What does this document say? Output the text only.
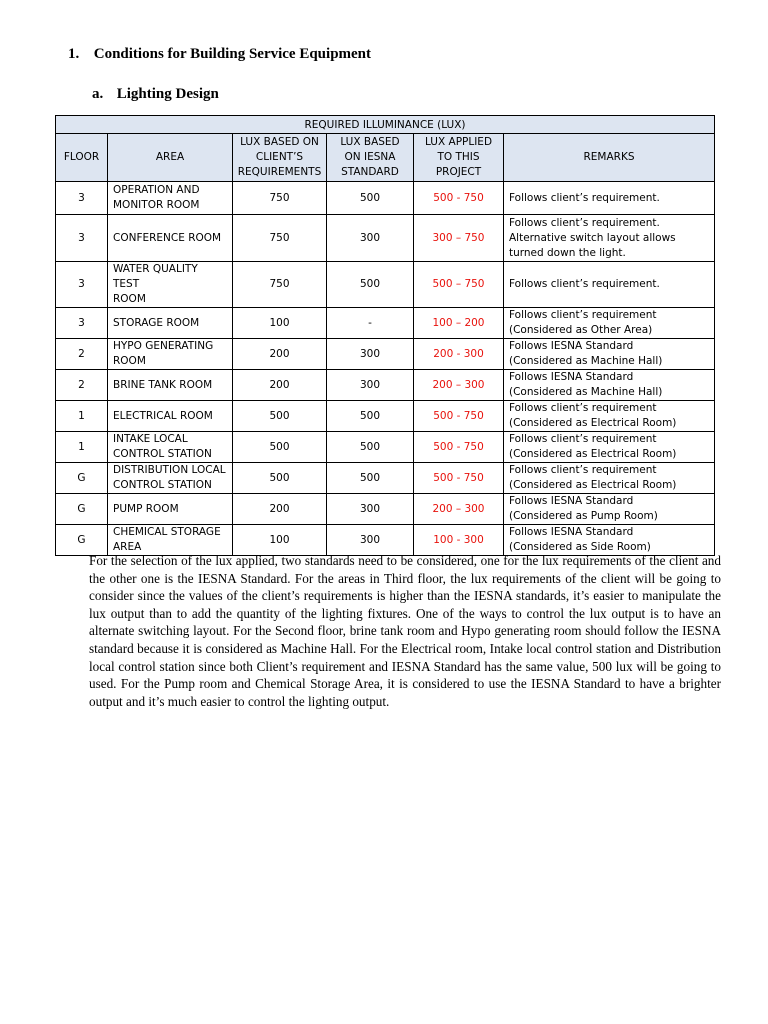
1. Conditions for Building Service Equipment
a. Lighting Design
REQUIRED ILLUMINANCE (LUX)					
FLOOR	AREA	LUX BASED ON
CLIENT’S
REQUIREMENTS	LUX BASED
ON IESNA
STANDARD	LUX APPLIED
TO THIS
PROJECT	REMARKS
3	OPERATION AND
MONITOR ROOM	750	500	500 - 750	Follows client’s requirement.
3	CONFERENCE ROOM	750	300	300 – 750	Follows client’s requirement.
Alternative switch layout allows
turned down the light.
3	WATER QUALITY TEST
ROOM	750	500	500 – 750	Follows client’s requirement.
3	STORAGE ROOM	100	-	100 – 200	Follows client’s requirement
(Considered as Other Area)
2	HYPO GENERATING
ROOM	200	300	200 - 300	Follows IESNA Standard
(Considered as Machine Hall)
2	BRINE TANK ROOM	200	300	200 – 300	Follows IESNA Standard
(Considered as Machine Hall)
1	ELECTRICAL ROOM	500	500	500 - 750	Follows client’s requirement
(Considered as Electrical Room)
1	INTAKE LOCAL
CONTROL STATION	500	500	500 - 750	Follows client’s requirement
(Considered as Electrical Room)
G	DISTRIBUTION LOCAL
CONTROL STATION	500	500	500 - 750	Follows client’s requirement
(Considered as Electrical Room)
G	PUMP ROOM	200	300	200 – 300	Follows IESNA Standard
(Considered as Pump Room)
G	CHEMICAL STORAGE
AREA	100	300	100 - 300	Follows IESNA Standard
(Considered as Side Room)
For the selection of the lux applied, two standards need to be considered, one for the lux requirements of the client and the other one is the IESNA Standard. For the areas in Third floor, the lux requirements of the client will be going to consider since the values of the client’s requirements is higher than the IESNA standards, it’s easier to manipulate the lux output than to add the quantity of the lighting fixtures. One of the ways to control the lux output is to have an alternate switching layout. For the Second floor, brine tank room and Hypo generating room should follow the IESNA standard because it is considered as Machine Hall. For the Electrical room, Intake local control station and Distribution local control station since both Client’s requirement and IESNA Standard has the same value, 500 lux will be going to used. For the Pump room and Chemical Storage Area, it is considered to use the IESNA Standard to have a brighter output and it’s much easier to control the lighting output.
